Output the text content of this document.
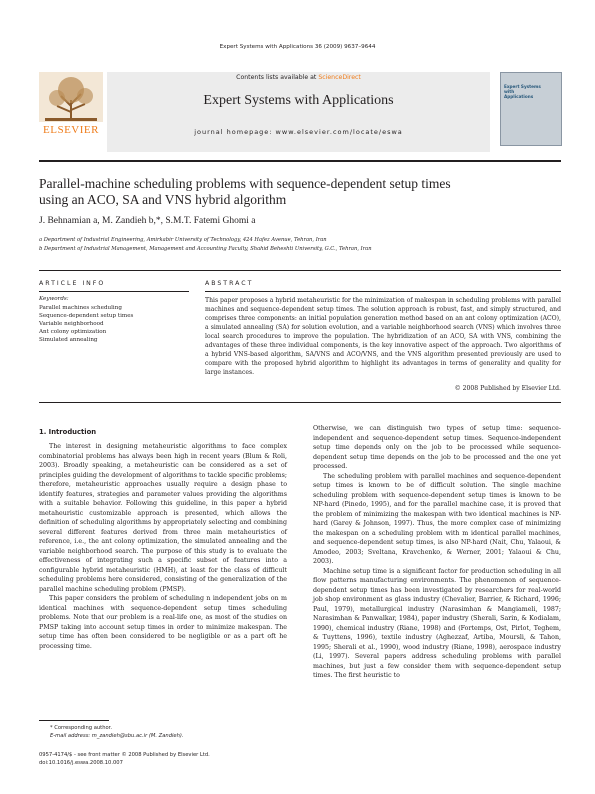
Expert Systems with Applications 36 (2009) 9637–9644
Contents lists available at ScienceDirect
Expert Systems with Applications
journal homepage: www.elsevier.com/locate/eswa
ELSEVIER
Expert Systems with Applications
Parallel-machine scheduling problems with sequence-dependent setup times
using an ACO, SA and VNS hybrid algorithm
J. Behnamian a, M. Zandieh b,*, S.M.T. Fatemi Ghomi a
a Department of Industrial Engineering, Amirkabir University of Technology, 424 Hafez Avenue, Tehran, Iran
b Department of Industrial Management, Management and Accounting Faculty, Shahid Beheshti University, G.C., Tehran, Iran
ARTICLE INFO
Keywords:
Parallel machines scheduling
Sequence-dependent setup times
Variable neighborhood
Ant colony optimization
Simulated annealing
ABSTRACT
This paper proposes a hybrid metaheuristic for the minimization of makespan in scheduling problems with parallel machines and sequence-dependent setup times. The solution approach is robust, fast, and simply structured, and comprises three components: an initial population generation method based on an ant colony optimization (ACO), a simulated annealing (SA) for solution evolution, and a variable neighborhood search (VNS) which involves three local search procedures to improve the population. The hybridization of an ACO, SA with VNS, combining the advantages of these three individual components, is the key innovative aspect of the approach. Two algorithms of a hybrid VNS-based algorithm, SA/VNS and ACO/VNS, and the VNS algorithm presented previously are used to compare with the proposed hybrid algorithm to highlight its advantages in terms of generality and quality for large instances.
© 2008 Published by Elsevier Ltd.
1. Introduction

The interest in designing metaheuristic algorithms to face complex combinatorial problems has always been high in recent years (Blum & Roli, 2003). Broadly speaking, a metaheuristic can be considered as a set of principles guiding the development of algorithms to tackle specific problems; therefore, metaheuristic approaches usually require a design phase to identify features, strategies and parameter values providing the algorithms with a suitable behavior. Following this guideline, in this paper a hybrid metaheuristic customizable approach is presented, which allows the definition of scheduling algorithms by appropriately selecting and combining several different features derived from three main metaheuristics of reference, i.e., the ant colony optimization, the simulated annealing and the variable neighborhood search. The purpose of this study is to evaluate the effectiveness of integrating such a specific subset of features into a configurable hybrid metaheuristic (HMH), at least for the class of difficult scheduling problems here considered, consisting of the generalization of the parallel machine scheduling problem (PMSP).

This paper considers the problem of scheduling n independent jobs on m identical machines with sequence-dependent setup times scheduling problems. Note that our problem is a real-life one, as most of the studies on PMSP taking into account setup times in order to minimize makespan. The setup time has often been considered to be negligible or as a part oft he processing time.

Otherwise, we can distinguish two types of setup time: sequence-independent and sequence-dependent setup times. Sequence-independent setup time depends only on the job to be processed while sequence-dependent setup time depends on the job to be processed and the one yet processed.

The scheduling problem with parallel machines and sequence-dependent setup times is known to be of difficult solution. The single machine scheduling problem with sequence-dependent setup times is known to be NP-hard (Pinedo, 1995), and for the parallel machine case, it is proved that the problem of minimizing the makespan with two identical machines is NP-hard (Garey & Johnson, 1997). Thus, the more complex case of minimizing the makespan on a scheduling problem with m identical parallel machines, and sequence-dependent setup times, is also NP-hard (Nait, Chu, Yalaoui, & Amodeo, 2003; Sveltana, Kravchenko, & Werner, 2001; Yalaoui & Chu, 2003).

Machine setup time is a significant factor for production scheduling in all flow patterns manufacturing environments. The phenomenon of sequence-dependent setup times has been investigated by researchers for real-world job shop environment as glass industry (Chevalier, Barrier, & Richard, 1996; Paul, 1979), metallurgical industry (Narasimhan & Mangiameli, 1987; Narasimhan & Panwalkar, 1984), paper industry (Sherali, Sarin, & Kodialam, 1990), chemical industry (Riane, 1998) and (Fortemps, Ost, Pirlot, Teghem, & Tuyttens, 1996), textile industry (Aghezzaf, Artiba, Moursli, & Tahon, 1995; Sherali et al., 1990), wood industry (Riane, 1998), aerospace industry (Li, 1997). Several papers address scheduling problems with parallel machines, but just a few consider them with sequence-dependent setup times. The first heuristic to

* Corresponding author.
E-mail address: m_zandieh@sbu.ac.ir (M. Zandieh).
0957-4174/$ - see front matter © 2008 Published by Elsevier Ltd.
doi:10.1016/j.eswa.2008.10.007
